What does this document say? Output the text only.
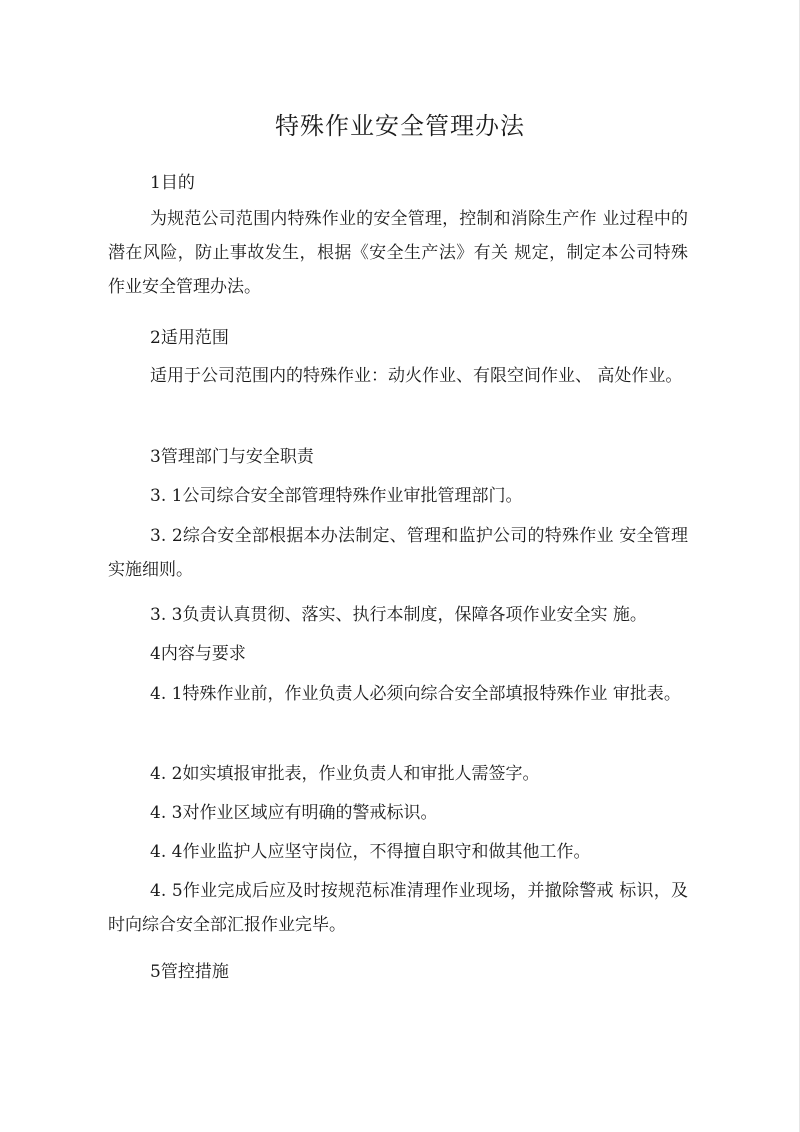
特殊作业安全管理办法
1目的
为规范公司范围内特殊作业的安全管理，控制和消除生产作 业过程中的潜在风险，防止事故发生，根据《安全生产法》有关 规定，制定本公司特殊作业安全管理办法。
2适用范围
适用于公司范围内的特殊作业：动火作业、有限空间作业、 高处作业。
3管理部门与安全职责
3. 1公司综合安全部管理特殊作业审批管理部门。
3. 2综合安全部根据本办法制定、管理和监护公司的特殊作业 安全管理实施细则。
3. 3负责认真贯彻、落实、执行本制度，保障各项作业安全实 施。
4内容与要求
4. 1特殊作业前，作业负责人必须向综合安全部填报特殊作业 审批表。
4. 2如实填报审批表，作业负责人和审批人需签字。
4. 3对作业区域应有明确的警戒标识。
4. 4作业监护人应坚守岗位，不得擅自职守和做其他工作。
4. 5作业完成后应及时按规范标准清理作业现场，并撤除警戒 标识，及时向综合安全部汇报作业完毕。
5管控措施
